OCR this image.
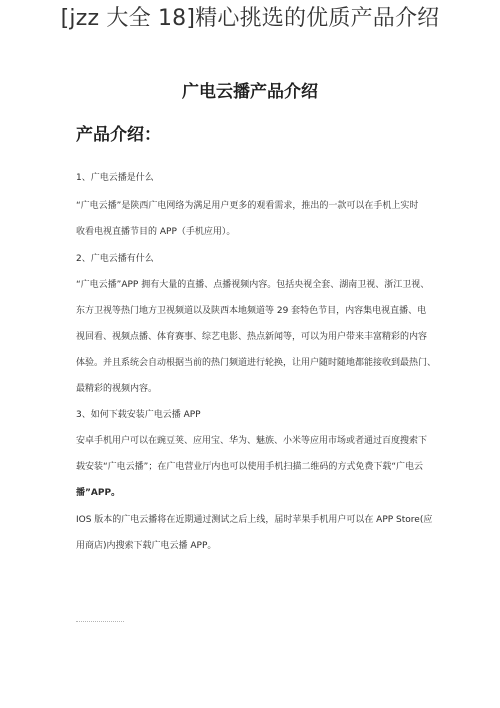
[jzz 大全 18]精心挑选的优质产品介绍
广电云播产品介绍
产品介绍：
1、广电云播是什么
“广电云播”是陕西广电网络为满足用户更多的观看需求，推出的一款可以在手机上实时
收看电视直播节目的 APP（手机应用）。
2、广电云播有什么
“广电云播”APP 拥有大量的直播、点播视频内容。包括央视全套、湖南卫视、浙江卫视、
东方卫视等热门地方卫视频道以及陕西本地频道等 29 套特色节目，内容集电视直播、电
视回看、视频点播、体育赛事、综艺电影、热点新闻等，可以为用户带来丰富精彩的内容
体验。并且系统会自动根据当前的热门频道进行轮换，让用户随时随地都能接收到最热门、
最精彩的视频内容。
3、如何下载安装广电云播 APP
安卓手机用户可以在豌豆荚、应用宝、华为、魅族、小米等应用市场或者通过百度搜索下
载安装“广电云播”；在广电营业厅内也可以使用手机扫描二维码的方式免费下载“广电云
播”APP。
IOS 版本的广电云播将在近期通过测试之后上线，届时苹果手机用户可以在 APP Store(应
用商店)内搜索下载广电云播 APP。
